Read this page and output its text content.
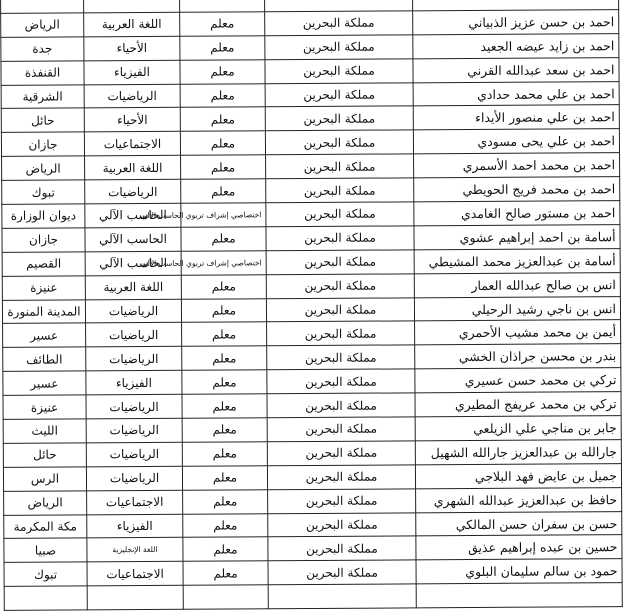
احمد بن حسن عزيز الذبياني	مملكة البحرين	معلم	اللغة العربية	الرياض
احمد بن زايد عيضه الجعيد	مملكة البحرين	معلم	الأحياء	جدة
احمد بن سعد عبدالله القرني	مملكة البحرين	معلم	الفيزياء	القنفذة
احمد بن علي محمد حدادي	مملكة البحرين	معلم	الرياضيات	الشرقية
احمد بن علي منصور الأيداء	مملكة البحرين	معلم	الأحياء	حائل
احمد بن علي يحى مسودي	مملكة البحرين	معلم	الاجتماعيات	جازان
احمد بن محمد احمد الأسمري	مملكة البحرين	معلم	اللغة العربية	الرياض
احمد بن محمد فريج الحويطي	مملكة البحرين	معلم	الرياضيات	تبوك
احمد بن مستور صالح الغامدي	مملكة البحرين	اختصاصي إشراف تربوي الحاسب الآلي	الحاسب الآلي	ديوان الوزارة
أسامة بن احمد إبراهيم عشوي	مملكة البحرين	معلم	الحاسب الآلي	جازان
أسامة بن عبدالعزيز محمد المشيطي	مملكة البحرين	اختصاصي إشراف تربوي الحاسب الآلي	الحاسب الآلي	القصيم
انس بن صالح عبدالله العمار	مملكة البحرين	معلم	اللغة العربية	عنيزة
انس بن ناجي رشيد الرحيلي	مملكة البحرين	معلم	الرياضيات	المدينة المنورة
أيمن بن محمد مشيب الأحمري	مملكة البحرين	معلم	الرياضيات	عسير
بندر بن محسن جراذان الخشي	مملكة البحرين	معلم	الرياضيات	الطائف
تركي بن محمد حسن عسيري	مملكة البحرين	معلم	الفيزياء	عسير
تركي بن محمد عريفج المطيري	مملكة البحرين	معلم	الرياضيات	عنيزة
جابر بن مناجي علي الزيلعي	مملكة البحرين	معلم	الرياضيات	الليث
جارالله بن عبدالعزيز جارالله الشهيل	مملكة البحرين	معلم	الرياضيات	حائل
جميل بن عايض فهد البلاجي	مملكة البحرين	معلم	الرياضيات	الرس
حافظ بن عبدالعزيز عبدالله الشهري	مملكة البحرين	معلم	الاجتماعيات	الرياض
حسن بن سفران حسن المالكي	مملكة البحرين	معلم	الفيزياء	مكة المكرمة
حسين بن عبده إبراهيم عذيق	مملكة البحرين	معلم	اللغة الإنجليزية	صبيا
حمود بن سالم سليمان البلوي	مملكة البحرين	معلم	الاجتماعيات	تبوك
